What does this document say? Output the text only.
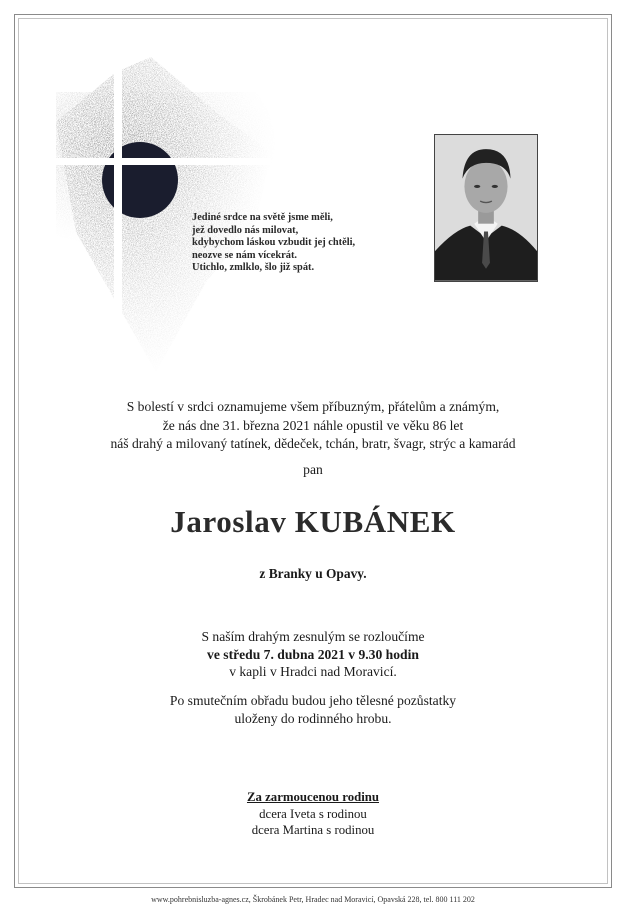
Jediné srdce na světě jsme měli,
jež dovedlo nás milovat,
kdybychom láskou vzbudit jej chtěli,
neozve se nám vícekrát.
Utichlo, zmlklo, šlo již spát.
S bolestí v srdci oznamujeme všem příbuzným, přátelům a známým,
že nás dne 31. března 2021 náhle opustil ve věku 86 let
náš drahý a milovaný tatínek, dědeček, tchán, bratr, švagr, strýc a kamarád
pan
Jaroslav KUBÁNEK
z Branky u Opavy.
S naším drahým zesnulým se rozloučíme
ve středu 7. dubna 2021 v 9.30 hodin
v kapli v Hradci nad Moravicí.
Po smutečním obřadu budou jeho tělesné pozůstatky
uloženy do rodinného hrobu.
Za zarmoucenou rodinu
dcera Iveta s rodinou
dcera Martina s rodinou
www.pohrebnisluzba-agnes.cz, Škrobánek Petr, Hradec nad Moravicí, Opavská 228, tel. 800 111 202
